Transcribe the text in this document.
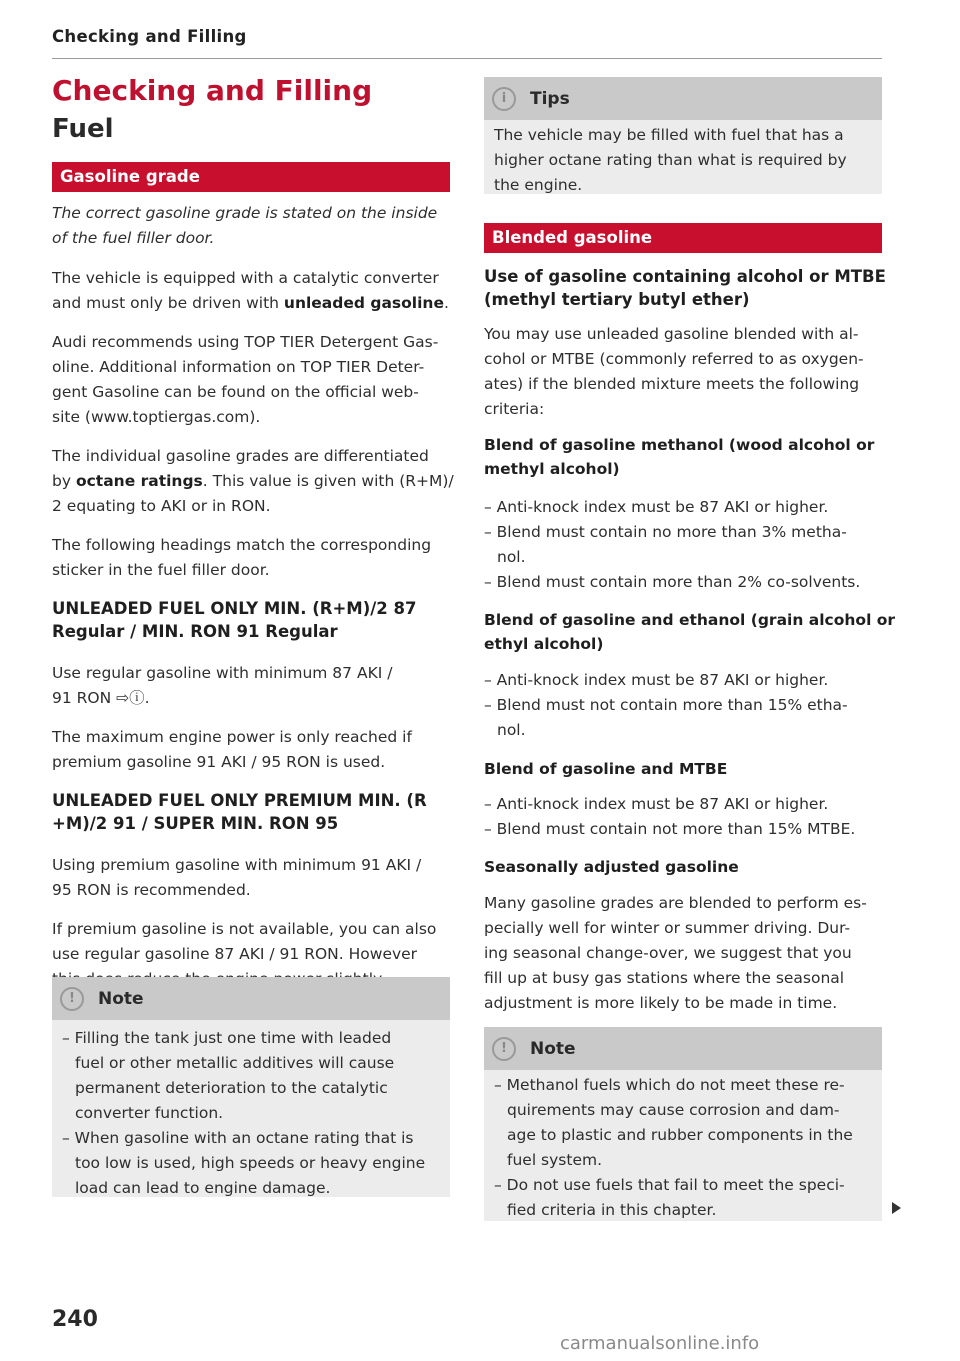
Checking and Filling
Checking and Filling
Fuel
Gasoline grade

The correct gasoline grade is stated on the inside

of the fuel filler door.

The vehicle is equipped with a catalytic converter

and must only be driven with unleaded gasoline.

Audi recommends using TOP TIER Detergent Gas-

oline. Additional information on TOP TIER Deter-

gent Gasoline can be found on the official web-

site (www.toptiergas.com).

The individual gasoline grades are differentiated

by octane ratings. This value is given with (R+M)/

2 equating to AKI or in RON.

The following headings match the corresponding

sticker in the fuel filler door.

UNLEADED FUEL ONLY MIN. (R+M)/2 87

Regular / MIN. RON 91 Regular

Use regular gasoline with minimum 87 AKI /

91 RON ⇨ⓘ.

The maximum engine power is only reached if

premium gasoline 91 AKI / 95 RON is used.

UNLEADED FUEL ONLY PREMIUM MIN. (R

+M)/2 91 / SUPER MIN. RON 95

Using premium gasoline with minimum 91 AKI /

95 RON is recommended.

If premium gasoline is not available, you can also

use regular gasoline 87 AKI / 91 RON. However

!	Note

– Filling the tank just one time with leaded

fuel or other metallic additives will cause

permanent deterioration to the catalytic

converter function.

– When gasoline with an octane rating that is

too low is used, high speeds or heavy engine

load can lead to engine damage.

i	Tips

The vehicle may be filled with fuel that has a

higher octane rating than what is required by

the engine.

Blended gasoline

Use of gasoline containing alcohol or MTBE

(methyl tertiary butyl ether)

You may use unleaded gasoline blended with al-

cohol or MTBE (commonly referred to as oxygen-

ates) if the blended mixture meets the following

criteria:

Blend of gasoline methanol (wood alcohol or

methyl alcohol)

– Anti-knock index must be 87 AKI or higher.

– Blend must contain no more than 3% metha-

nol.

– Blend must contain more than 2% co-solvents.

Blend of gasoline and ethanol (grain alcohol or

ethyl alcohol)

– Anti-knock index must be 87 AKI or higher.

– Blend must not contain more than 15% etha-

nol.

Blend of gasoline and MTBE

– Anti-knock index must be 87 AKI or higher.

– Blend must contain not more than 15% MTBE.

Seasonally adjusted gasoline

Many gasoline grades are blended to perform es-

pecially well for winter or summer driving. Dur-

ing seasonal change-over, we suggest that you

fill up at busy gas stations where the seasonal

adjustment is more likely to be made in time.

!	Note

– Methanol fuels which do not meet these re-

quirements may cause corrosion and dam-

age to plastic and rubber components in the

fuel system.

– Do not use fuels that fail to meet the speci-

fied criteria in this chapter.

240
carmanualsonline.info
